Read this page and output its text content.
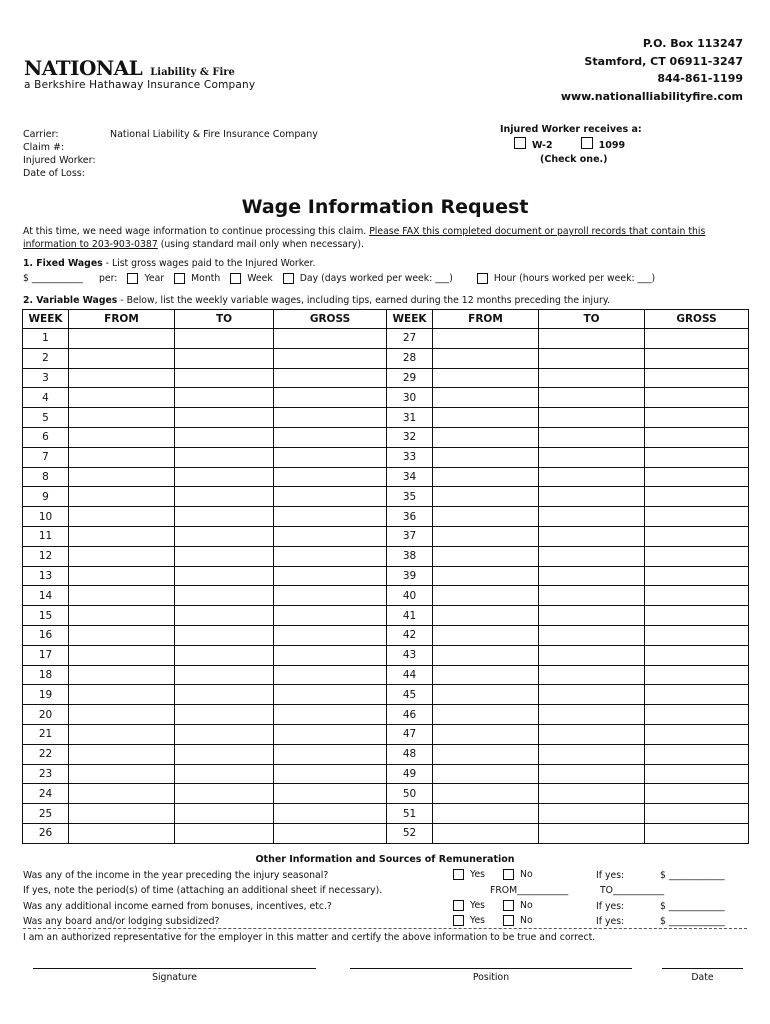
NATIONAL Liability & Fire
a Berkshire Hathaway Insurance Company
P.O. Box 113247
Stamford, CT 06911-3247
844-861-1199
www.nationalliabilityfire.com
Carrier:	National Liability & Fire Insurance Company
Claim #:
Injured Worker:
Date of Loss:
Injured Worker receives a:
W-2	1099
(Check one.)
Wage Information Request
At this time, we need wage information to continue processing this claim. Please FAX this completed document or payroll records that contain this information to 203-903-0387 (using standard mail only when necessary).
1. Fixed Wages - List gross wages paid to the Injured Worker.
$ ___________ per:	Year	Month	Week	Day (days worked per week: ___)	Hour (hours worked per week: ___)
2. Variable Wages - Below, list the weekly variable wages, including tips, earned during the 12 months preceding the injury.
WEEK	FROM	TO	GROSS	WEEK	FROM	TO	GROSS
1				27			
2				28			
3				29			
4				30			
5				31			
6				32			
7				33			
8				34			
9				35			
10				36			
11				37			
12				38			
13				39			
14				40			
15				41			
16				42			
17				43			
18				44			
19				45			
20				46			
21				47			
22				48			
23				49			
24				50			
25				51			
26				52			
Other Information and Sources of Remuneration
Was any of the income in the year preceding the injury seasonal?
If yes, note the period(s) of time (attaching an additional sheet if necessary).
Was any additional income earned from bonuses, incentives, etc.?
Was any board and/or lodging subsidized?
Yes	No	If yes:	$ ____________
FROM___________	TO___________
Yes	No	If yes:	$ ____________
Yes	No	If yes:	$ ____________
I am an authorized representative for the employer in this matter and certify the above information to be true and correct.
Signature	Position	Date
